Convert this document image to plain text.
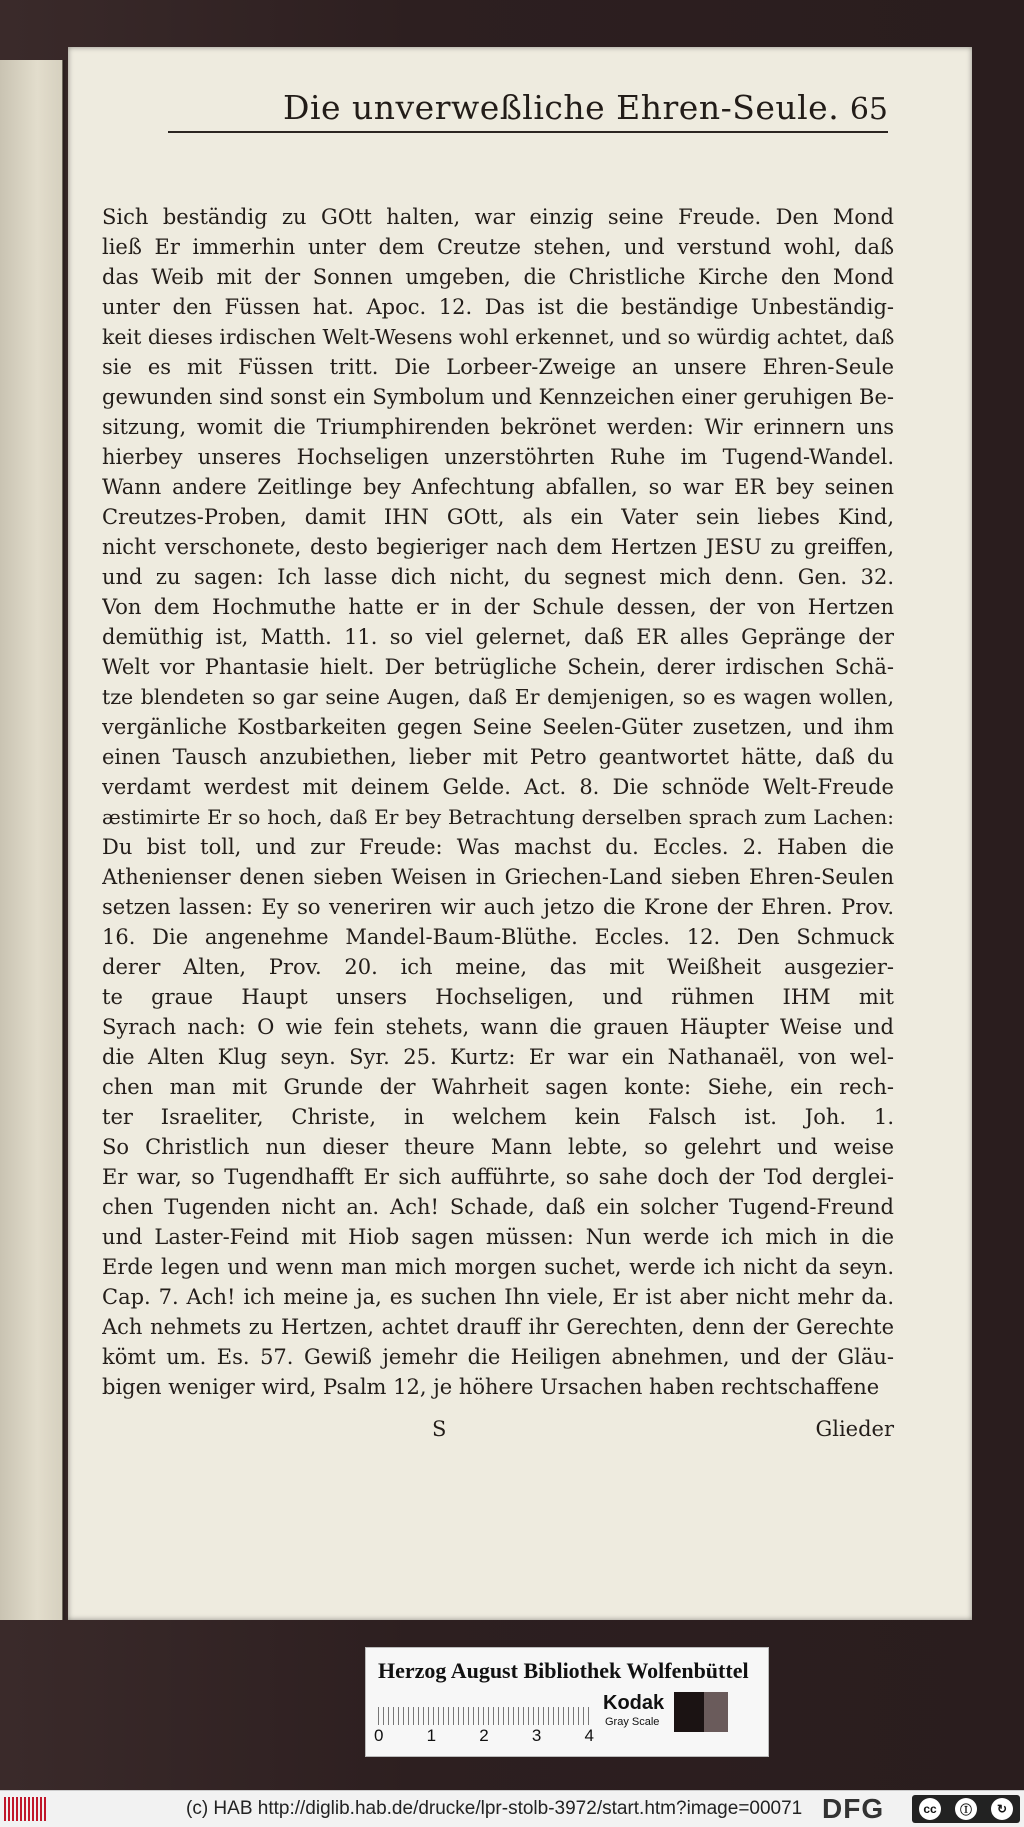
Die unverweßliche Ehren-Seule. 65
Sich beständig zu GOtt halten, war einzig seine Freude. Den Mond
ließ Er immerhin unter dem Creutze stehen, und verstund wohl, daß
das Weib mit der Sonnen umgeben, die Christliche Kirche den Mond
unter den Füssen hat. Apoc. 12. Das ist die beständige Unbeständig-
keit dieses irdischen Welt-Wesens wohl erkennet, und so würdig achtet, daß
sie es mit Füssen tritt. Die Lorbeer-Zweige an unsere Ehren-Seule
gewunden sind sonst ein Symbolum und Kennzeichen einer geruhigen Be-
sitzung, womit die Triumphirenden bekrönet werden: Wir erinnern uns
hierbey unseres Hochseligen unzerstöhrten Ruhe im Tugend-Wandel.
Wann andere Zeitlinge bey Anfechtung abfallen, so war ER bey seinen
Creutzes-Proben, damit IHN GOtt, als ein Vater sein liebes Kind,
nicht verschonete, desto begieriger nach dem Hertzen JESU zu greiffen,
und zu sagen: Ich lasse dich nicht, du segnest mich denn. Gen. 32.
Von dem Hochmuthe hatte er in der Schule dessen, der von Hertzen
demüthig ist, Matth. 11. so viel gelernet, daß ER alles Gepränge der
Welt vor Phantasie hielt. Der betrügliche Schein, derer irdischen Schä-
tze blendeten so gar seine Augen, daß Er demjenigen, so es wagen wollen,
vergänliche Kostbarkeiten gegen Seine Seelen-Güter zusetzen, und ihm
einen Tausch anzubiethen, lieber mit Petro geantwortet hätte, daß du
verdamt werdest mit deinem Gelde. Act. 8. Die schnöde Welt-Freude
æstimirte Er so hoch, daß Er bey Betrachtung derselben sprach zum Lachen:
Du bist toll, und zur Freude: Was machst du. Eccles. 2. Haben die
Athenienser denen sieben Weisen in Griechen-Land sieben Ehren-Seulen
setzen lassen: Ey so veneriren wir auch jetzo die Krone der Ehren. Prov.
16. Die angenehme Mandel-Baum-Blüthe. Eccles. 12. Den Schmuck
derer Alten, Prov. 20. ich meine, das mit Weißheit ausgezier-
te graue Haupt unsers Hochseligen, und rühmen IHM mit
Syrach nach: O wie fein stehets, wann die grauen Häupter Weise und
die Alten Klug seyn. Syr. 25. Kurtz: Er war ein Nathanaël, von wel-
chen man mit Grunde der Wahrheit sagen konte: Siehe, ein rech-
ter Israeliter, Christe, in welchem kein Falsch ist. Joh. 1.
So Christlich nun dieser theure Mann lebte, so gelehrt und weise
Er war, so Tugendhafft Er sich aufführte, so sahe doch der Tod derglei-
chen Tugenden nicht an. Ach! Schade, daß ein solcher Tugend-Freund
und Laster-Feind mit Hiob sagen müssen: Nun werde ich mich in die
Erde legen und wenn man mich morgen suchet, werde ich nicht da seyn.
Cap. 7. Ach! ich meine ja, es suchen Ihn viele, Er ist aber nicht mehr da.
Ach nehmets zu Hertzen, achtet drauff ihr Gerechten, denn der Gerechte
kömt um. Es. 57. Gewiß jemehr die Heiligen abnehmen, und der Gläu-
bigen weniger wird, Psalm 12, je höhere Ursachen haben rechtschaffene
S	Glieder
Herzog August Bibliothek Wolfenbüttel
0	1	2	3	4
Kodak
Gray Scale
(c) HAB http://diglib.hab.de/drucke/lpr-stolb-3972/start.htm?image=00071 DFG	cc	Ⓘ	↻
